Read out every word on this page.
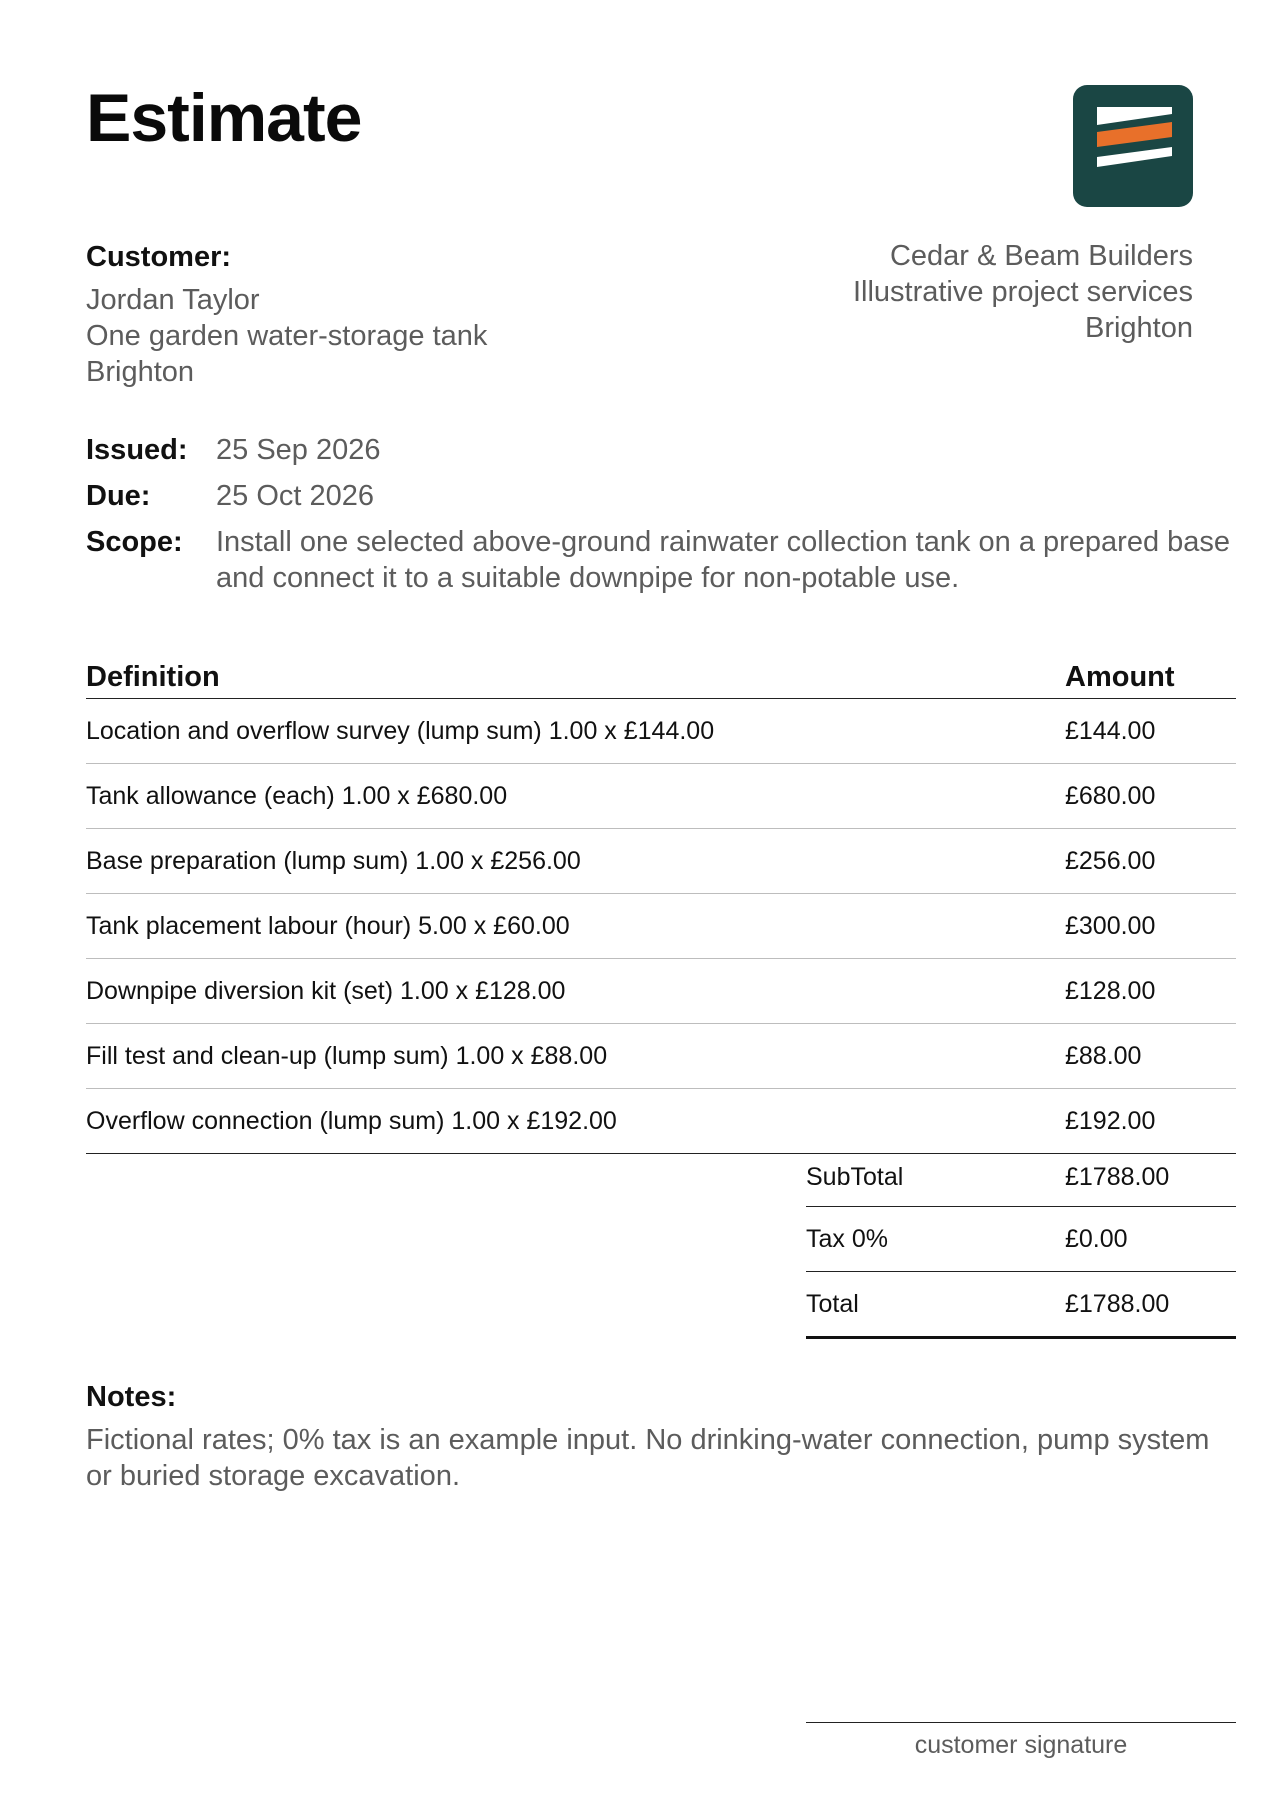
Estimate
Customer:
Jordan Taylor
One garden water-storage tank
Brighton
Cedar & Beam Builders
Illustrative project services
Brighton
Issued: 25 Sep 2026
Due:	25 Oct 2026
Scope:	Install one selected above-ground rainwater collection tank on a prepared base and connect it to a suitable downpipe for non-potable use.
Definition	Amount
Location and overflow survey (lump sum) 1.00 x £144.00	£144.00
Tank allowance (each) 1.00 x £680.00	£680.00
Base preparation (lump sum) 1.00 x £256.00	£256.00
Tank placement labour (hour) 5.00 x £60.00	£300.00
Downpipe diversion kit (set) 1.00 x £128.00	£128.00
Fill test and clean-up (lump sum) 1.00 x £88.00	£88.00
Overflow connection (lump sum) 1.00 x £192.00	£192.00
SubTotal	£1788.00
Tax 0%	£0.00
Total	£1788.00
Notes:
Fictional rates; 0% tax is an example input. No drinking-water connection, pump system or buried storage excavation.
customer signature
